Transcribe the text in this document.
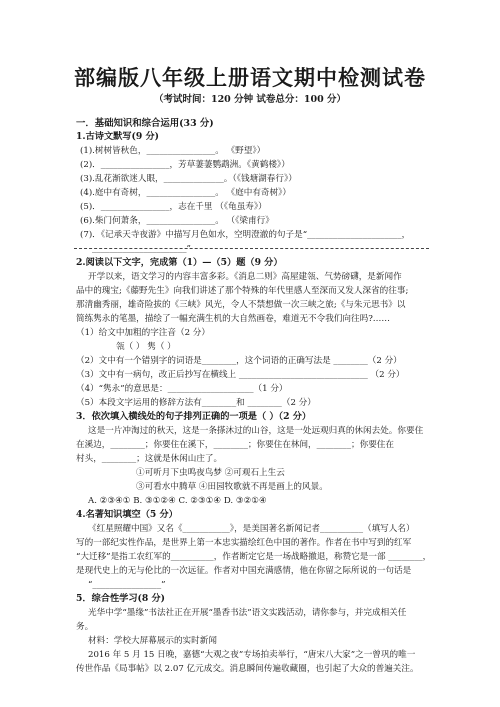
部编版八年级上册语文期中检测试卷
（考试时间：120 分钟 试卷总分：100 分）
一．基础知识和综合运用(33 分)
1.古诗文默写(9 分)
(1).树树皆秋色，________________。 《野望》）
(2)．________________，芳草萋萋鹦鹉洲。《黄鹤楼》）
(3).乱花渐欲迷人眼，______________。（《钱塘湖春行》）
(4).庭中有奇树，________________。 《庭中有奇树》）
(5)．________________，志在千里 （《龟虽寿》）
(6).柴门何萧条，________________。 （《梁甫行》
(7)．《记承天寺夜游》中描写月色如水，空明澄澈的句子是“______________________，
______________________”
2.阅读以下文字，完成第（1）—（5）题（9 分）
开学以来，语文学习的内容丰富多彩。《消息二则》高屋建瓴、气势磅礴，是新闻作
品中的瑰宝;《藤野先生》向我们讲述了那个特殊的年代里感人至深而又发人深省的往事;
那清幽秀丽，雄奇险拔的《三峡》风光，令人不禁想做一次三峡之旅;《与朱元思书》以
简练隽永的笔墨，描绘了一幅充满生机的大自然画卷，难道无不令我们向往吗?……
（1）给文中加粗的字注音（2 分）
瓴（ ） 隽（ ）
（2）文中有一个错别字的词语是________，这个词语的正确写法是 ________（2 分）
（3）文中有一病句，改正后抄写在横线上 ______________________________ （2 分）
（4）“隽永”的意思是：____________________（1 分）
（5）本段文字运用的修辞方法有________和 ________（2 分）
3．依次填入横线处的句子排列正确的一项是（ ）（2 分）
这是一片冲淘过的秋天，这是一条搽沐过的山谷，这是一处远观归真的休闲去处。你要住
在溪边，________；你要住在溪下，________；你要住在林间，________；你要住在
村头，________；这就是休闲山庄了。
①可听月下虫鸣夜鸟梦 ②可观石上生云
③可看水中腾草 ④田园牧歌就不再是画上的风景。
A. ②③④① B. ③①②④ C. ②③①④ D. ③②①④
4.名著知识填空（5 分）
《红星照耀中国》又名《___________》，是美国著名新闻记者__________（填写人名）
写的一部纪实性作品，是世界上第一本忠实描绘红色中国的著作。作者在书中写到的红军
“大迁移”是指工农红军的__________，作者断定它是一场战略撤退，称赞它是一部 ________，
是现代史上的无与伦比的一次远征。作者对中国充满感情，他在你留之际所说的一句话是
“________________”
5．综合性学习(8 分)
光华中学“墨缘”书法社正在开展“墨香书法”语文实践活动，请你参与，并完成相关任
务。
材料：学校大屏幕展示的实时新闻
2016 年 5 月 15 日晚，嘉德“大观之夜”专场拍卖举行，“唐宋八大家”之一曾巩的唯一
传世作品《局事帖》以 2.07 亿元成交。消息瞬间传遍收藏圈，也引起了大众的普遍关注。
